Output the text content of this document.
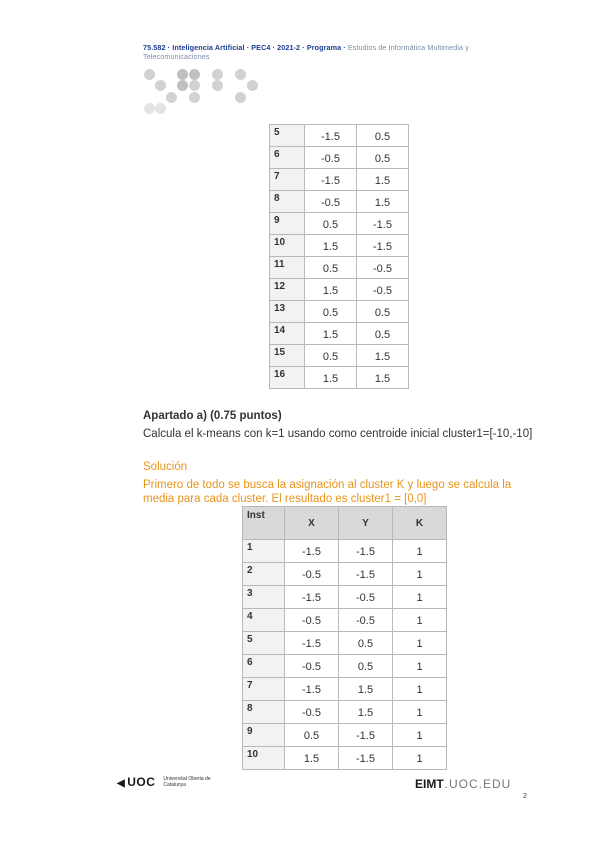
75.582 · Inteligencia Artificial · PEC4 · 2021-2 · Programa · Estudios de Informática Multimedia y Telecomunicaciones
5	-1.5	0.5
6	-0.5	0.5
7	-1.5	1.5
8	-0.5	1.5
9	0.5	-1.5
10	1.5	-1.5
11	0.5	-0.5
12	1.5	-0.5
13	0.5	0.5
14	1.5	0.5
15	0.5	1.5
16	1.5	1.5
Apartado a) (0.75 puntos)
Calcula el k-means con k=1 usando como centroide inicial cluster1=[-10,-10]
Solución
Primero de todo se busca la asignación al cluster K y luego se calcula la media para cada cluster. El resultado es cluster1 = [0,0]
Inst	X	Y	K
1	-1.5	-1.5	1
2	-0.5	-1.5	1
3	-1.5	-0.5	1
4	-0.5	-0.5	1
5	-1.5	0.5	1
6	-0.5	0.5	1
7	-1.5	1.5	1
8	-0.5	1.5	1
9	0.5	-1.5	1
10	1.5	-1.5	1
◀ UOC Universitat Oberta de Catalunya	EIMT.UOC.EDU
2
